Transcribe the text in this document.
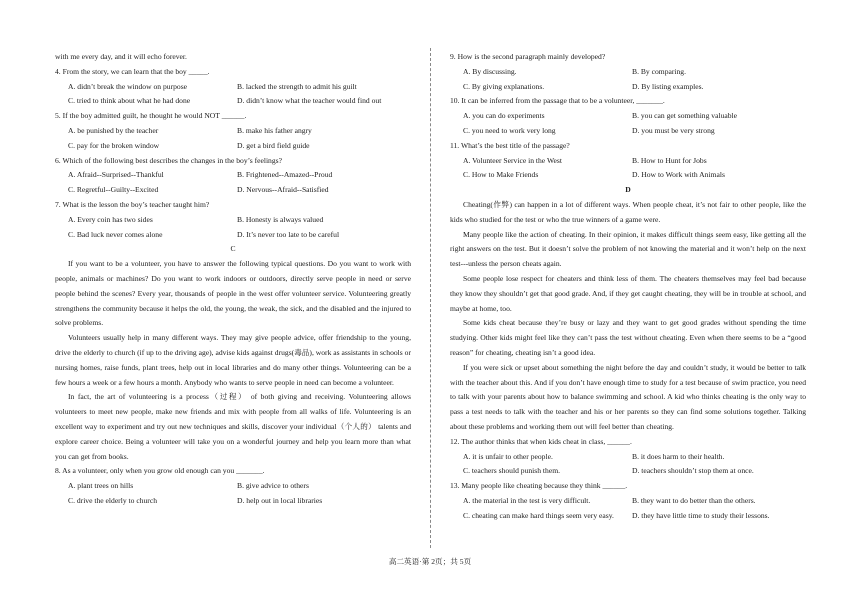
with me every day, and it will echo forever.
4. From the story, we can learn that the boy _____.
A. didn’t break the window on purpose	B. lacked the strength to admit his guilt
C. tried to think about what he had done	D. didn’t know what the teacher would find out
5. If the boy admitted guilt, he thought he would NOT ______.
A. be punished by the teacher	B. make his father angry
C. pay for the broken window	D. get a bird field guide
6. Which of the following best describes the changes in the boy’s feelings?
A. Afraid--Surprised--Thankful	B. Frightened--Amazed--Proud
C. Regretful--Guilty--Excited	D. Nervous--Afraid--Satisfied
7. What is the lesson the boy’s teacher taught him?
A. Every coin has two sides	B. Honesty is always valued
C. Bad luck never comes alone	D. It’s never too late to be careful
C

If you want to be a volunteer, you have to answer the following typical questions. Do you want to work with people, animals or machines? Do you want to work indoors or outdoors, directly serve people in need or serve people behind the scenes? Every year, thousands of people in the west offer volunteer service. Volunteering greatly strengthens the community because it helps the old, the young, the weak, the sick, and the disabled and the injured to solve problems.

Volunteers usually help in many different ways. They may give people advice, offer friendship to the young, drive the elderly to church (if up to the driving age), advise kids against drugs(毒品), work as assistants in schools or nursing homes, raise funds, plant trees, help out in local libraries and do many other things. Volunteering can be a few hours a week or a few hours a month. Anybody who wants to serve people in need can become a volunteer.

In fact, the art of volunteering is a process（过程） of both giving and receiving. Volunteering allows volunteers to meet new people, make new friends and mix with people from all walks of life. Volunteering is an excellent way to experiment and try out new techniques and skills, discover your individual（个人的） talents and explore career choice. Being a volunteer will take you on a wonderful journey and help you learn more than what you can get from books.

8. As a volunteer, only when you grow old enough can you _______.
A. plant trees on hills	B. give advice to others
C. drive the elderly to church	D. help out in local libraries
9. How is the second paragraph mainly developed?
A. By discussing.	B. By comparing.
C. By giving explanations.	D. By listing examples.
10. It can be inferred from the passage that to be a volunteer, _______.
A. you can do experiments	B. you can get something valuable
C. you need to work very long	D. you must be very strong
11. What’s the best title of the passage?
A. Volunteer Service in the West	B. How to Hunt for Jobs
C. How to Make Friends	D. How to Work with Animals
D

Cheating(作弊) can happen in a lot of different ways. When people cheat, it’s not fair to other people, like the kids who studied for the test or who the true winners of a game were.

Many people like the action of cheating. In their opinion, it makes difficult things seem easy, like getting all the right answers on the test. But it doesn’t solve the problem of not knowing the material and it won’t help on the next test---unless the person cheats again.

Some people lose respect for cheaters and think less of them. The cheaters themselves may feel bad because they know they shouldn’t get that good grade. And, if they get caught cheating, they will be in trouble at school, and maybe at home, too.

Some kids cheat because they’re busy or lazy and they want to get good grades without spending the time studying. Other kids might feel like they can’t pass the test without cheating. Even when there seems to be a “good reason” for cheating, cheating isn’t a good idea.

If you were sick or upset about something the night before the day and couldn’t study, it would be better to talk with the teacher about this. And if you don’t have enough time to study for a test because of swim practice, you need to talk with your parents about how to balance swimming and school. A kid who thinks cheating is the only way to pass a test needs to talk with the teacher and his or her parents so they can find some solutions together. Talking about these problems and working them out will feel better than cheating.

12. The author thinks that when kids cheat in class, ______.
A. it is unfair to other people.	B. it does harm to their health.
C. teachers should punish them.	D. teachers shouldn’t stop them at once.
13. Many people like cheating because they think ______.
A. the material in the test is very difficult.	B. they want to do better than the others.
C. cheating can make hard things seem very easy.	D. they have little time to study their lessons.
高二英语·第 2页；共 5页
